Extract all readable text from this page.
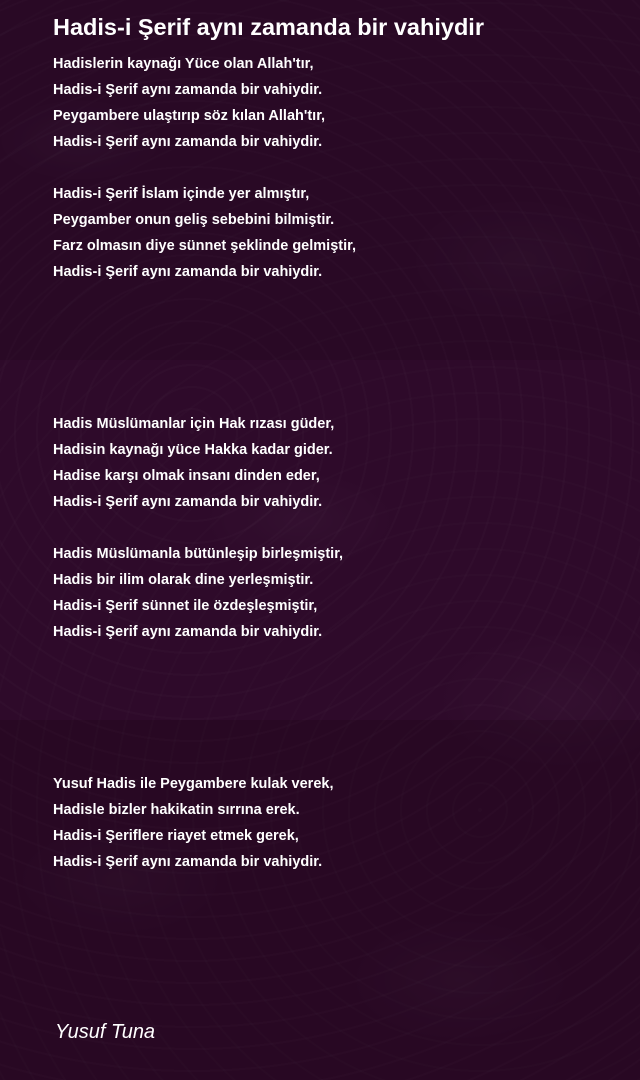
Hadis-i Şerif aynı zamanda bir vahiydir
Hadislerin kaynağı Yüce olan Allah'tır,
Hadis-i Şerif aynı zamanda bir vahiydir.
Peygambere ulaştırıp söz kılan Allah'tır,
Hadis-i Şerif aynı zamanda bir vahiydir.
Hadis-i Şerif İslam içinde yer almıştır,
Peygamber onun geliş sebebini bilmiştir.
Farz olmasın diye sünnet şeklinde gelmiştir,
Hadis-i Şerif aynı zamanda bir vahiydir.
Hadis Müslümanlar için Hak rızası güder,
Hadisin kaynağı yüce Hakka kadar gider.
Hadise karşı olmak insanı dinden eder,
Hadis-i Şerif aynı zamanda bir vahiydir.
Hadis Müslümanla bütünleşip birleşmiştir,
Hadis bir ilim olarak dine yerleşmiştir.
Hadis-i Şerif sünnet ile özdeşleşmiştir,
Hadis-i Şerif aynı zamanda bir vahiydir.
Yusuf Hadis ile Peygambere kulak verek,
Hadisle bizler hakikatin sırrına erek.
Hadis-i Şeriflere riayet etmek gerek,
Hadis-i Şerif aynı zamanda bir vahiydir.
Yusuf Tuna
